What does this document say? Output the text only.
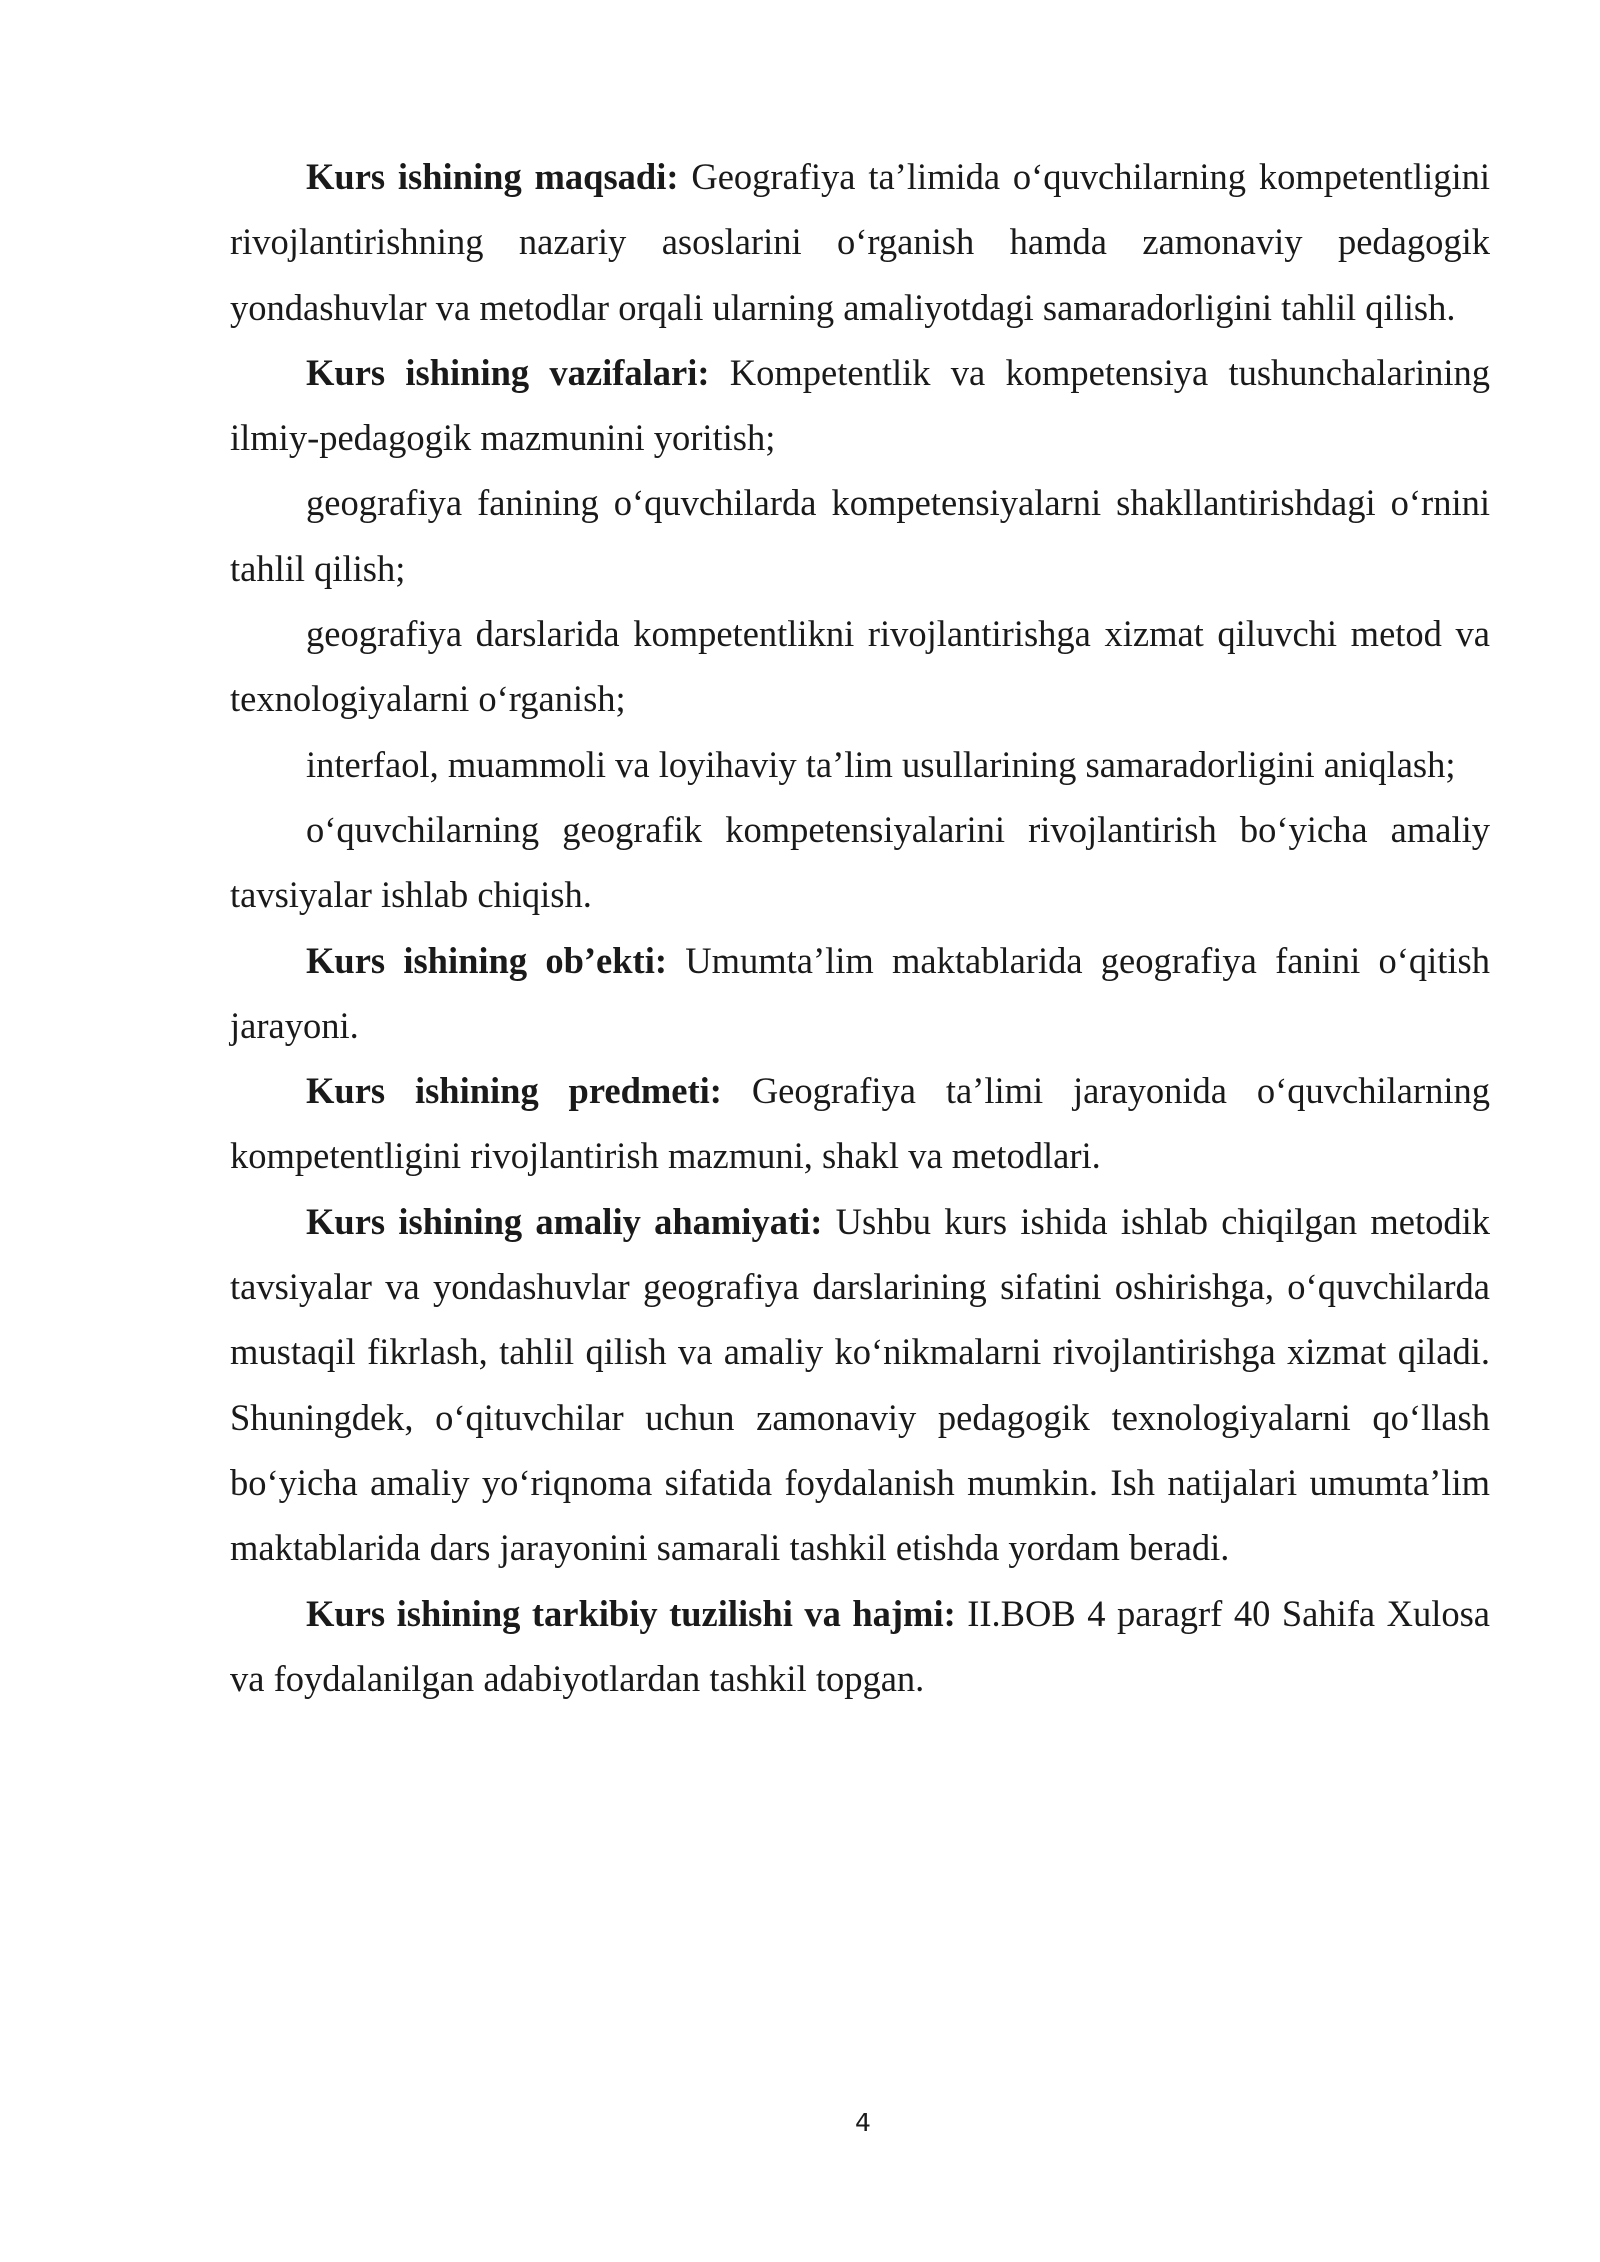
Kurs ishining maqsadi: Geografiya ta’limida o‘quvchilarning kompetentligini rivojlantirishning nazariy asoslarini o‘rganish hamda zamonaviy pedagogik yondashuvlar va metodlar orqali ularning amaliyotdagi samaradorligini tahlil qilish.

Kurs ishining vazifalari: Kompetentlik va kompetensiya tushunchalarining ilmiy-pedagogik mazmunini yoritish;

geografiya fanining o‘quvchilarda kompetensiyalarni shakllantirishdagi o‘rnini tahlil qilish;

geografiya darslarida kompetentlikni rivojlantirishga xizmat qiluvchi metod va texnologiyalarni o‘rganish;

interfaol, muammoli va loyihaviy ta’lim usullarining samaradorligini aniqlash;

o‘quvchilarning geografik kompetensiyalarini rivojlantirish bo‘yicha amaliy tavsiyalar ishlab chiqish.

Kurs ishining ob’ekti: Umumta’lim maktablarida geografiya fanini o‘qitish jarayoni.

Kurs ishining predmeti: Geografiya ta’limi jarayonida o‘quvchilarning kompetentligini rivojlantirish mazmuni, shakl va metodlari.

Kurs ishining amaliy ahamiyati: Ushbu kurs ishida ishlab chiqilgan metodik tavsiyalar va yondashuvlar geografiya darslarining sifatini oshirishga, o‘quvchilarda mustaqil fikrlash, tahlil qilish va amaliy ko‘nikmalarni rivojlantirishga xizmat qiladi. Shuningdek, o‘qituvchilar uchun zamonaviy pedagogik texnologiyalarni qo‘llash bo‘yicha amaliy yo‘riqnoma sifatida foydalanish mumkin. Ish natijalari umumta’lim maktablarida dars jarayonini samarali tashkil etishda yordam beradi.

Kurs ishining tarkibiy tuzilishi va hajmi: II.BOB 4 paragrf 40 Sahifa Xulosa va foydalanilgan adabiyotlardan tashkil topgan.

4
